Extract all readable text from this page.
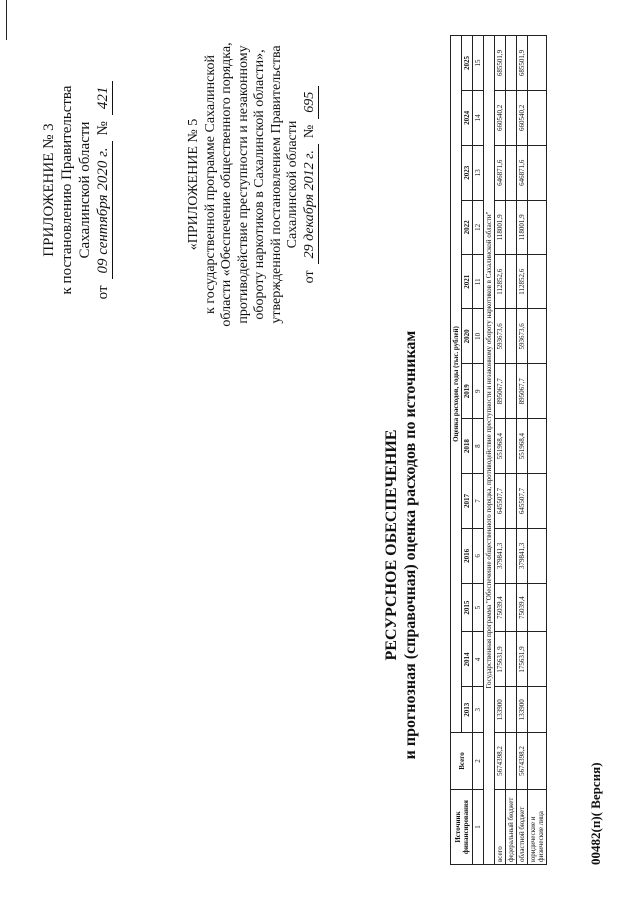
ПРИЛОЖЕНИЕ № 3 к постановлению Правительства Сахалинской области
от
09 сентября 2020 г.
№
421
«ПРИЛОЖЕНИЕ № 5 к государственной программе Сахалинской области «Обеспечение общественного порядка, противодействие преступности и незаконному обороту наркотиков в Сахалинской области», утвержденной постановлением Правительства Сахалинской области
от
29 декабря 2012 г.
№
695
РЕСУРСНОЕ ОБЕСПЕЧЕНИЕ и прогнозная (справочная) оценка расходов по источникам
Источник финансирования	Всего	Оценка расходов, годы (тыс. рублей)												
		2013	2014	2015	2016	2017	2018	2019	2020	2021	2022	2023	2024	2025
1	2	3	4	5	6	7	8	9	10	11	12	13	14	15
Государственная программа "Обеспечение общественного порядка, противодействие преступности и незаконному обороту наркотиков в Сахалинской области"														
всего	5674398,2	133900	175631,9	75039,4	379841,3	645507,7	551968,4	895067,7	593673,6	112852,6	118001,9	646871,6	660540,2	685501,9
федеральный бюджет														
областной бюджет	5674398,2	133900	175631,9	75039,4	379841,3	645507,7	551968,4	895067,7	593673,6	112852,6	118001,9	646871,6	660540,2	685501,9
юридические и физические лица															00482(п)( Версия)
